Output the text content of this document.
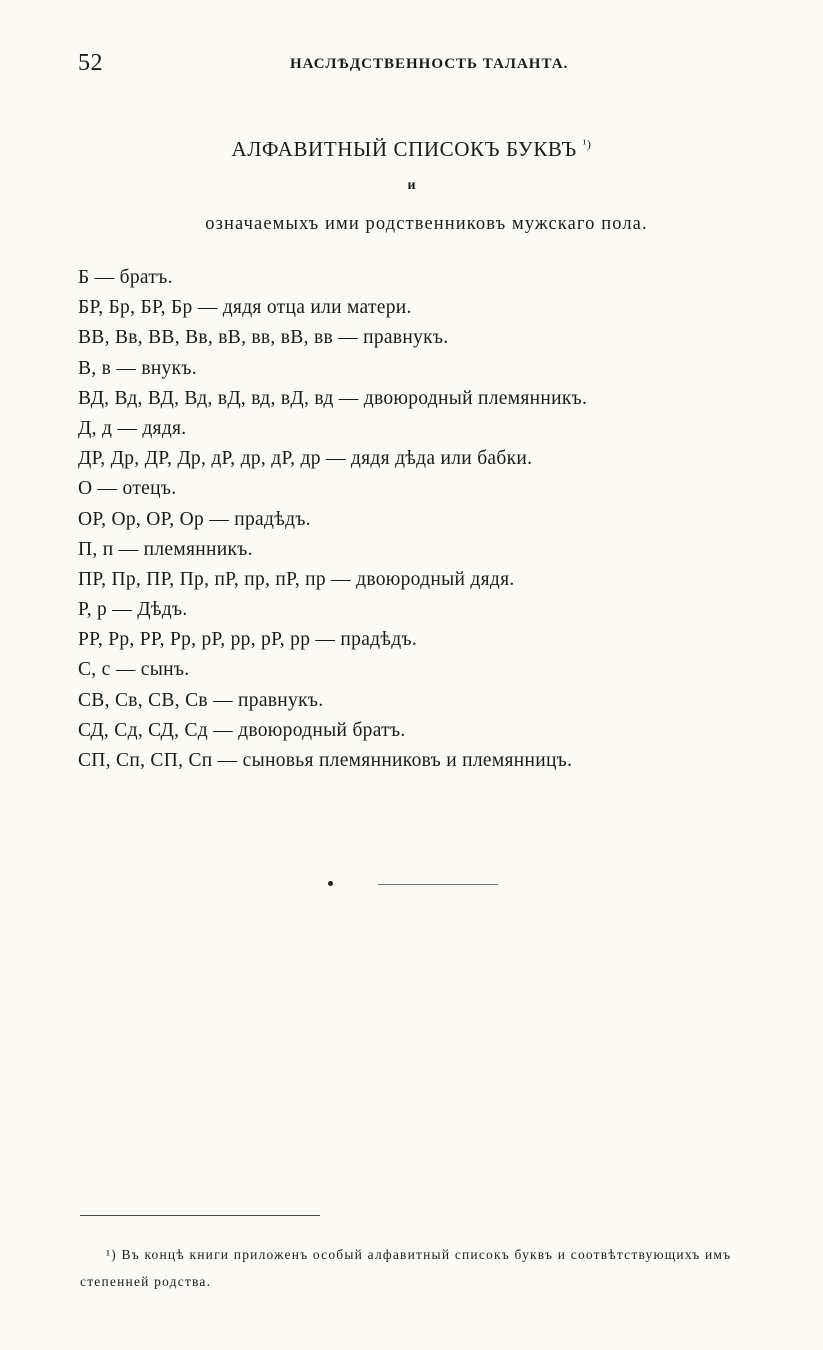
52	НАСЛѢДСТВЕННОСТЬ ТАЛАНТА.
АЛФАВИТНЫЙ СПИСОКЪ БУКВЪ $^{^1)}$
и
означаемыхъ ими родственниковъ мужскаго пола.
Б — братъ.
БР, Бр, БР, Бр — дядя отца или матери.
ВВ, Вв, ВВ, Вв, вВ, вв, вВ, вв — правнукъ.
В, в — внукъ.
ВД, Вд, ВД, Вд, вД, вд, вД, вд — двоюродный племянникъ.
Д, д — дядя.
ДР, Др, ДР, Др, дР, др, дР, др — дядя дѣда или бабки.
О — отецъ.
ОР, Ор, ОР, Ор — прадѣдъ.
П, п — племянникъ.
ПР, Пр, ПР, Пр, пР, пр, пР, пр — двоюродный дядя.
Р, р — Дѣдъ.
РР, Рр, РР, Рр, рР, рр, рР, рр — прадѣдъ.
С, с — сынъ.
СВ, Св, СВ, Св — правнукъ.
СД, Сд, СД, Сд — двоюродный братъ.
СП, Сп, СП, Сп — сыновья племянниковъ и племянницъ.
¹) Въ концѣ книги приложенъ особый алфавитный списокъ буквъ и соотвѣтствующихъ имъ степенней родства.
